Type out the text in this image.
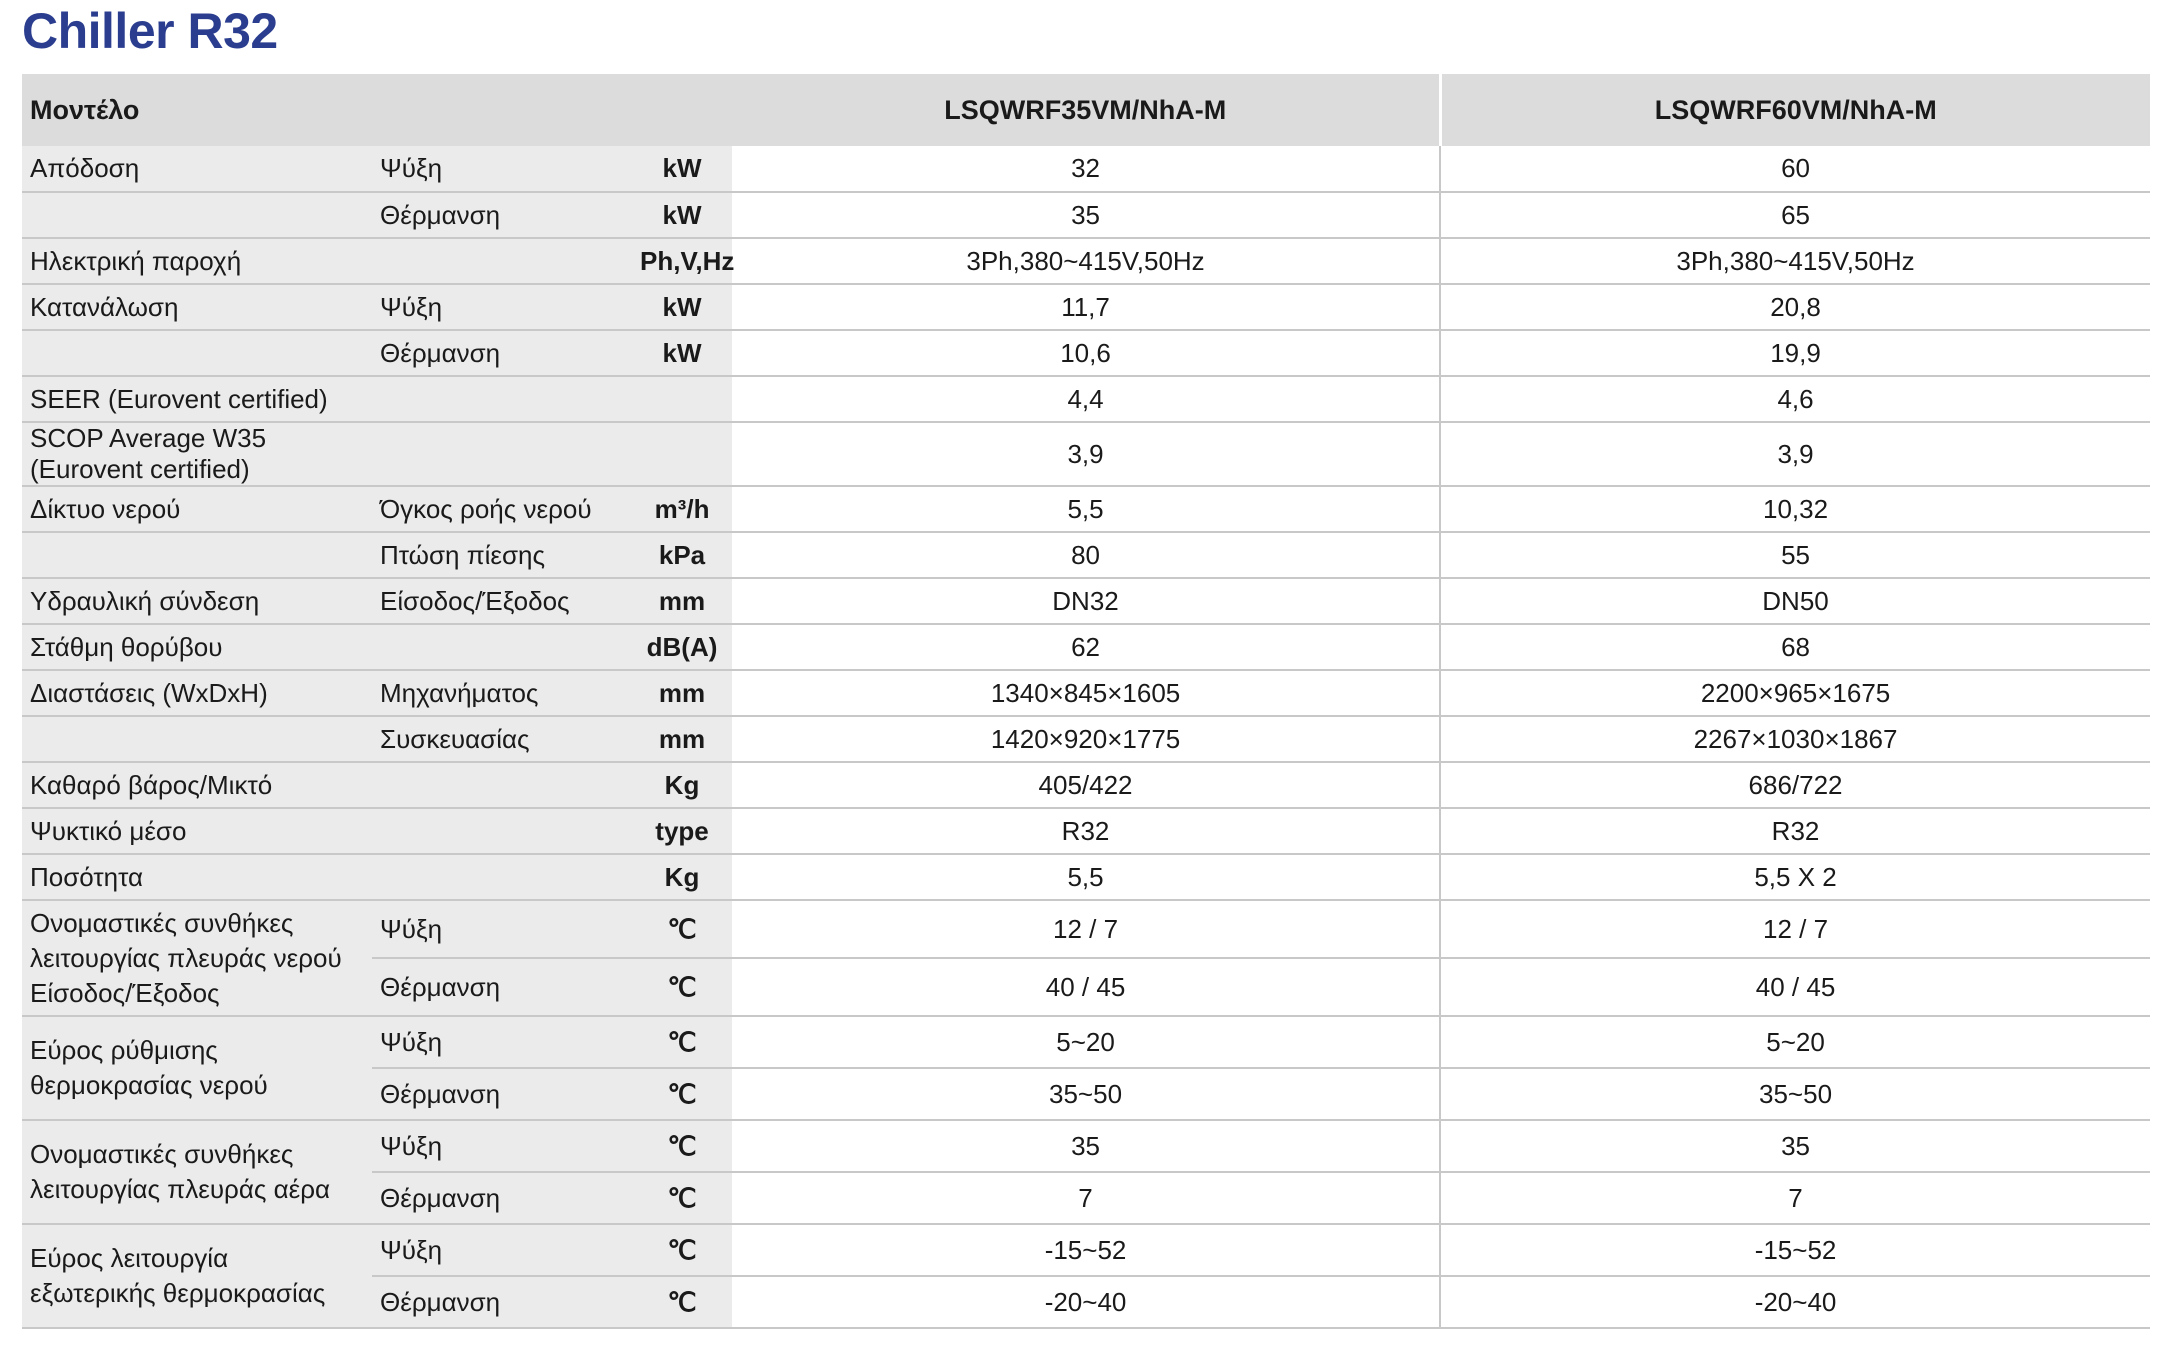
Chiller R32
Μοντέλο			LSQWRF35VM/NhA-M	LSQWRF60VM/NhA-M
Απόδοση	Ψύξη	kW	32	60
	Θέρμανση	kW	35	65
Ηλεκτρική παροχή		Ph,V,Hz	3Ph,380~415V,50Hz	3Ph,380~415V,50Hz
Κατανάλωση	Ψύξη	kW	11,7	20,8
	Θέρμανση	kW	10,6	19,9
SEER (Eurovent certified)			4,4	4,6
SCOP Average W35 (Eurovent certified)			3,9	3,9
Δίκτυο νερού	Όγκος ροής νερού	m³/h	5,5	10,32
	Πτώση πίεσης	kPa	80	55
Υδραυλική σύνδεση	Είσοδος/Έξοδος	mm	DN32	DN50
Στάθμη θορύβου		dB(A)	62	68
Διαστάσεις (WxDxH)	Μηχανήματος	mm	1340×845×1605	2200×965×1675
	Συσκευασίας	mm	1420×920×1775	2267×1030×1867
Καθαρό βάρος/Μικτό		Kg	405/422	686/722
Ψυκτικό μέσο		type	R32	R32
Ποσότητα		Kg	5,5	5,5 X 2

Ονομαστικές συνθήκες
λειτουργίας πλευράς νερού
Είσοδος/Έξοδος	Ψύξη	℃	12 / 7	12 / 7
	Θέρμανση	℃	40 / 45	40 / 45

Εύρος ρύθμισης
θερμοκρασίας νερού	Ψύξη	℃	5~20	5~20
	Θέρμανση	℃	35~50	35~50

Ονομαστικές συνθήκες
λειτουργίας πλευράς αέρα	Ψύξη	℃	35	35
	Θέρμανση	℃	7	7

Εύρος λειτουργία
εξωτερικής θερμοκρασίας	Ψύξη	℃	-15~52	-15~52
	Θέρμανση	℃	-20~40	-20~40
